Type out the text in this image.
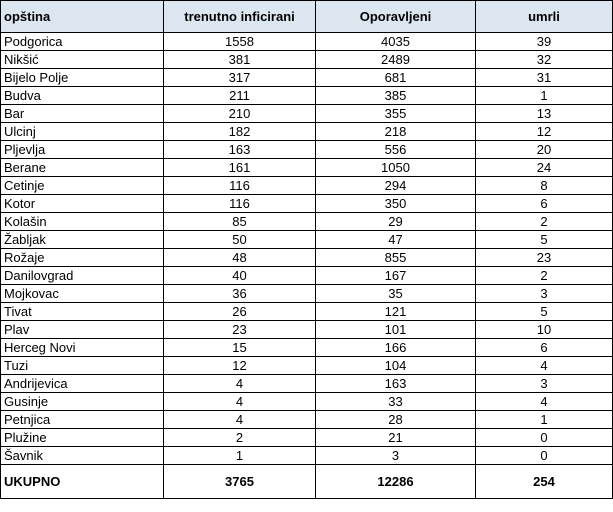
opština	trenutno inficirani	Oporavljeni	umrli
Podgorica	1558	4035	39
Nikšić	381	2489	32
Bijelo Polje	317	681	31
Budva	211	385	1
Bar	210	355	13
Ulcinj	182	218	12
Pljevlja	163	556	20
Berane	161	1050	24
Cetinje	116	294	8
Kotor	116	350	6
Kolašin	85	29	2
Žabljak	50	47	5
Rožaje	48	855	23
Danilovgrad	40	167	2
Mojkovac	36	35	3
Tivat	26	121	5
Plav	23	101	10
Herceg Novi	15	166	6
Tuzi	12	104	4
Andrijevica	4	163	3
Gusinje	4	33	4
Petnjica	4	28	1
Plužine	2	21	0
Šavnik	1	3	0
UKUPNO	3765	12286	254
